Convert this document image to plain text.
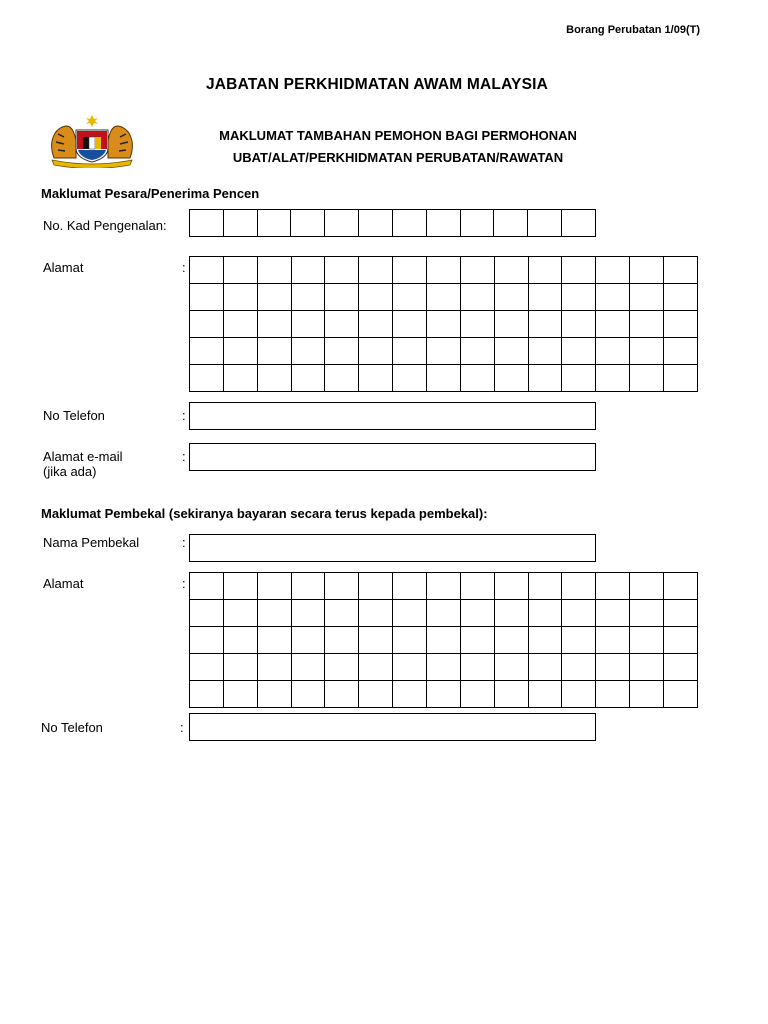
Borang Perubatan 1/09(T)
JABATAN PERKHIDMATAN AWAM MALAYSIA
MAKLUMAT TAMBAHAN PEMOHON BAGI PERMOHONAN
UBAT/ALAT/PERKHIDMATAN PERUBATAN/RAWATAN
Maklumat Pesara/Penerima Pencen
No. Kad Pengenalan:

Alamat	:

No Telefon	:
Alamat e-mail
(jika ada)
:
Maklumat Pembekal (sekiranya bayaran secara terus kepada pembekal):
Nama Pembekal	:
Alamat	:

No Telefon	:
